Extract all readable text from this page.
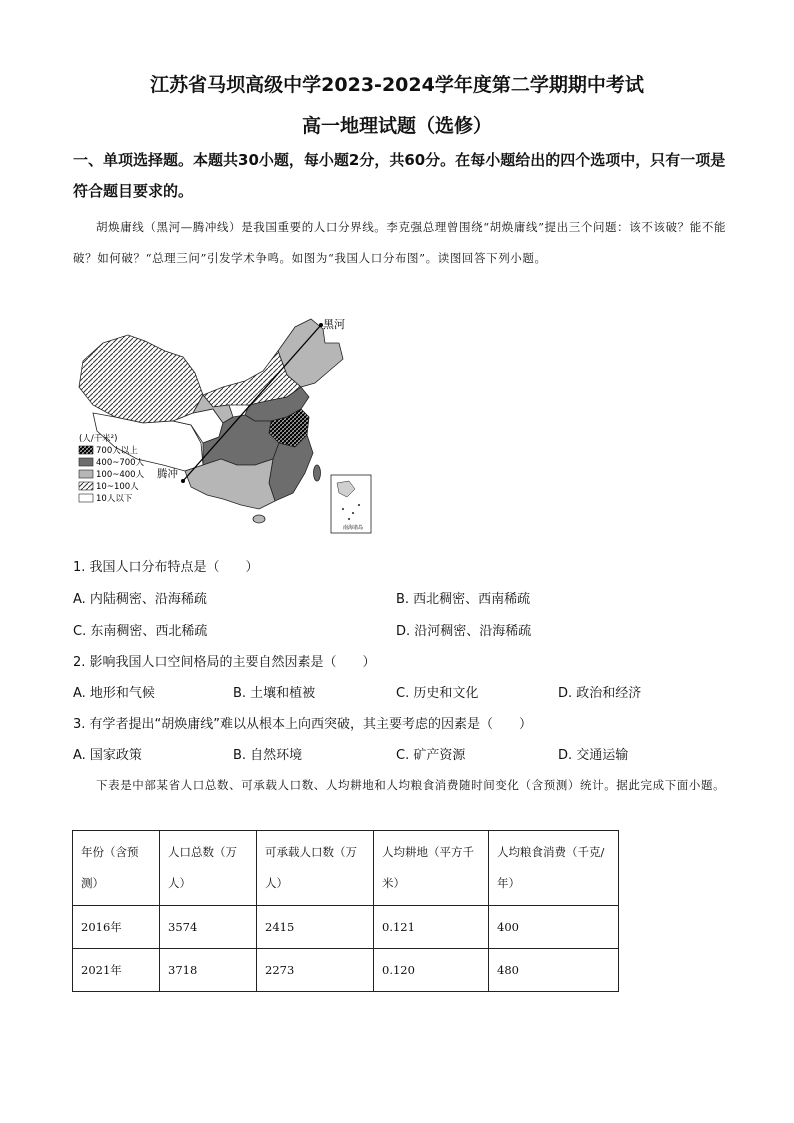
江苏省马坝高级中学2023-2024学年度第二学期期中考试
高一地理试题（选修）
一、单项选择题。本题共30小题，每小题2分，共60分。在每小题给出的四个选项中，只有一项是符合题目要求的。
胡焕庸线（黑河—腾冲线）是我国重要的人口分界线。李克强总理曾围绕“胡焕庸线”提出三个问题：该不该破？能不能破？如何破？“总理三问”引发学术争鸣。如图为“我国人口分布图”。读图回答下列小题。
黑河
腾冲
(人/千米²)
700人以上
400~700人
100~400人
10~100人
10人以下
南海诸岛
1. 我国人口分布特点是（　　）
A. 内陆稠密、沿海稀疏	B. 西北稠密、西南稀疏
C. 东南稠密、西北稀疏	D. 沿河稠密、沿海稀疏
2. 影响我国人口空间格局的主要自然因素是（　　）
A. 地形和气候	B. 土壤和植被	C. 历史和文化	D. 政治和经济
3. 有学者提出“胡焕庸线”难以从根本上向西突破，其主要考虑的因素是（　　）
A. 国家政策	B. 自然环境	C. 矿产资源	D. 交通运输
下表是中部某省人口总数、可承载人口数、人均耕地和人均粮食消费随时间变化（含预测）统计。据此完成下面小题。
年份（含预测）	人口总数（万人）	可承载人口数（万人）	人均耕地（平方千米）	人均粮食消费（千克/年）
2016年	3574	2415	0.121	400
2021年	3718	2273	0.120	480
